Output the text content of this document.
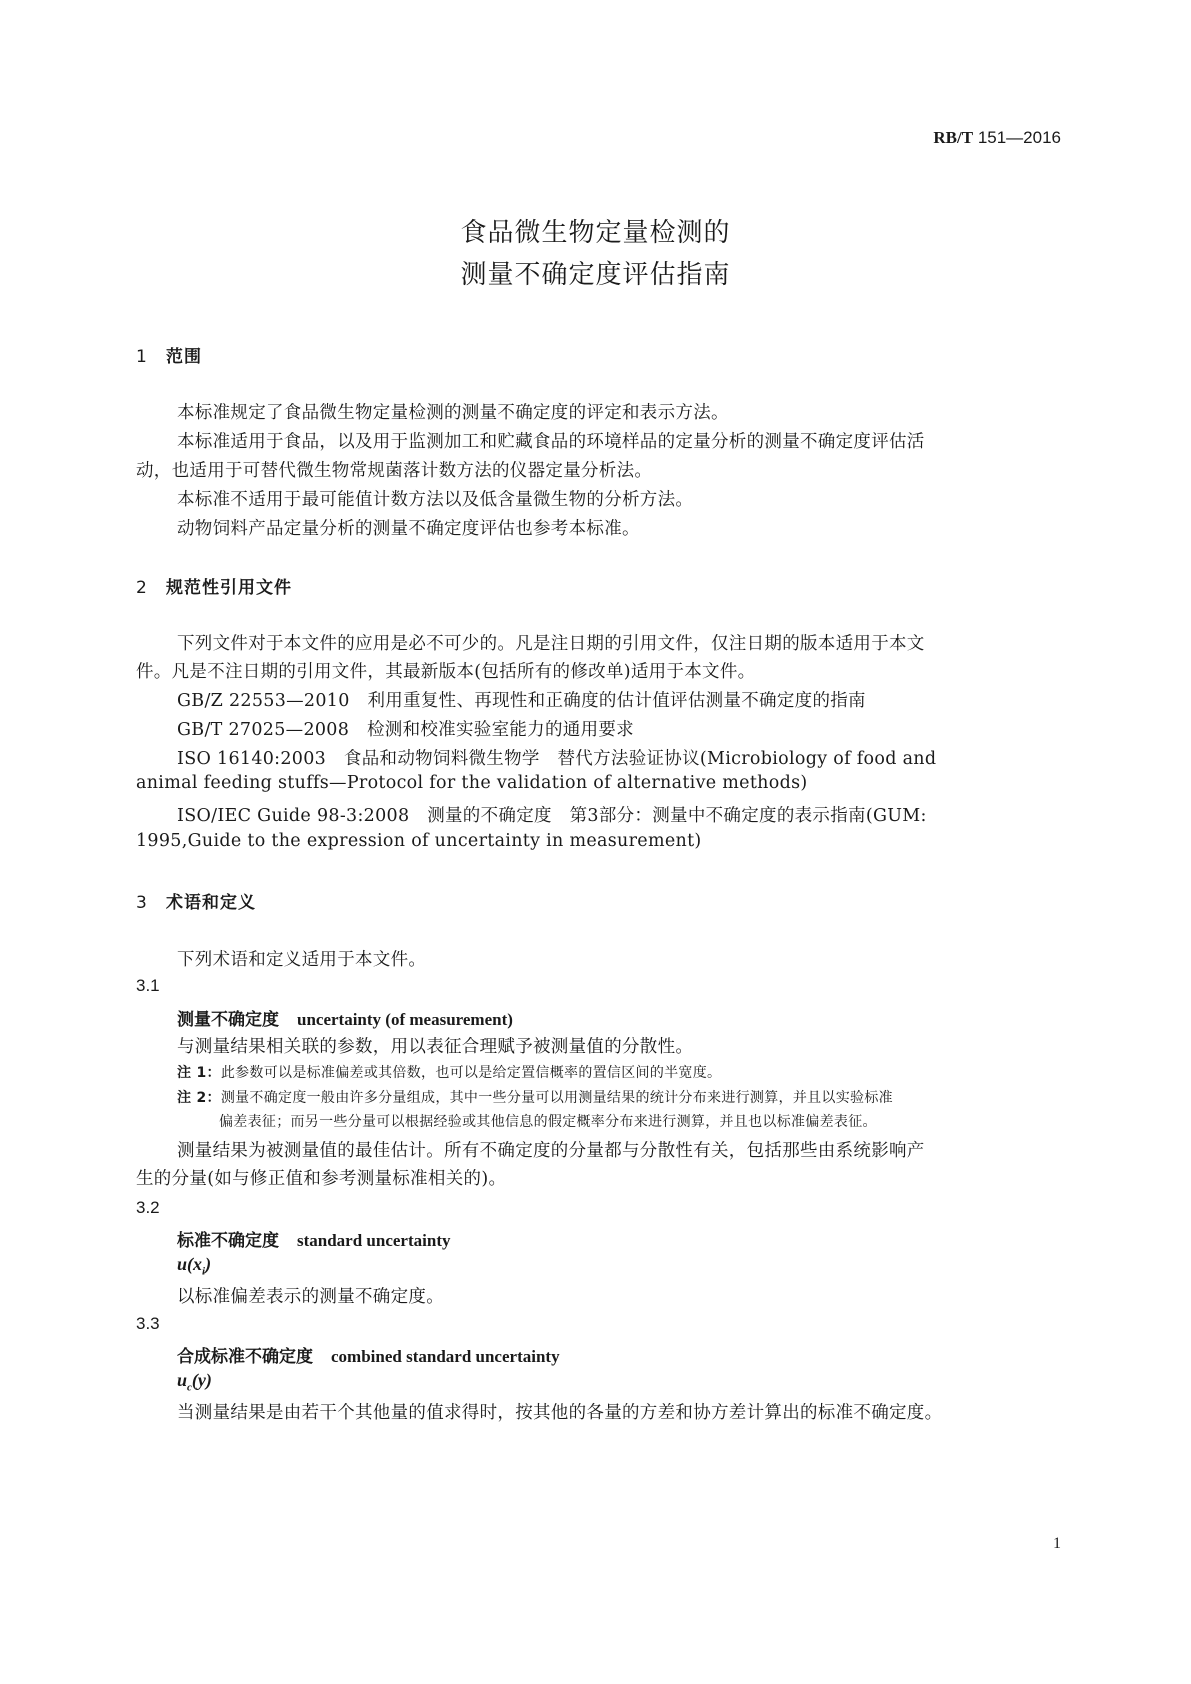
RB/T 151—2016
食品微生物定量检测的
测量不确定度评估指南
1 范围
本标准规定了食品微生物定量检测的测量不确定度的评定和表示方法。
本标准适用于食品，以及用于监测加工和贮藏食品的环境样品的定量分析的测量不确定度评估活
动，也适用于可替代微生物常规菌落计数方法的仪器定量分析法。
本标准不适用于最可能值计数方法以及低含量微生物的分析方法。
动物饲料产品定量分析的测量不确定度评估也参考本标准。
2 规范性引用文件
下列文件对于本文件的应用是必不可少的。凡是注日期的引用文件，仅注日期的版本适用于本文
件。凡是不注日期的引用文件，其最新版本(包括所有的修改单)适用于本文件。
GB/Z 22553—2010　利用重复性、再现性和正确度的估计值评估测量不确定度的指南
GB/T 27025—2008　检测和校准实验室能力的通用要求
ISO 16140:2003　食品和动物饲料微生物学　替代方法验证协议(Microbiology of food and
animal feeding stuffs—Protocol for the validation of alternative methods)
ISO/IEC Guide 98-3:2008　测量的不确定度　第3部分：测量中不确定度的表示指南(GUM:
1995,Guide to the expression of uncertainty in measurement)
3 术语和定义
下列术语和定义适用于本文件。
3.1
测量不确定度 uncertainty (of measurement)
与测量结果相关联的参数，用以表征合理赋予被测量值的分散性。
注 1：此参数可以是标准偏差或其倍数，也可以是给定置信概率的置信区间的半宽度。
注 2：测量不确定度一般由许多分量组成，其中一些分量可以用测量结果的统计分布来进行测算，并且以实验标准
偏差表征；而另一些分量可以根据经验或其他信息的假定概率分布来进行测算，并且也以标准偏差表征。
测量结果为被测量值的最佳估计。所有不确定度的分量都与分散性有关，包括那些由系统影响产
生的分量(如与修正值和参考测量标准相关的)。
3.2
标准不确定度 standard uncertainty
$u(x_i)$
以标准偏差表示的测量不确定度。
3.3
合成标准不确定度 combined standard uncertainty
$u_c(y)$
当测量结果是由若干个其他量的值求得时，按其他的各量的方差和协方差计算出的标准不确定度。
1
